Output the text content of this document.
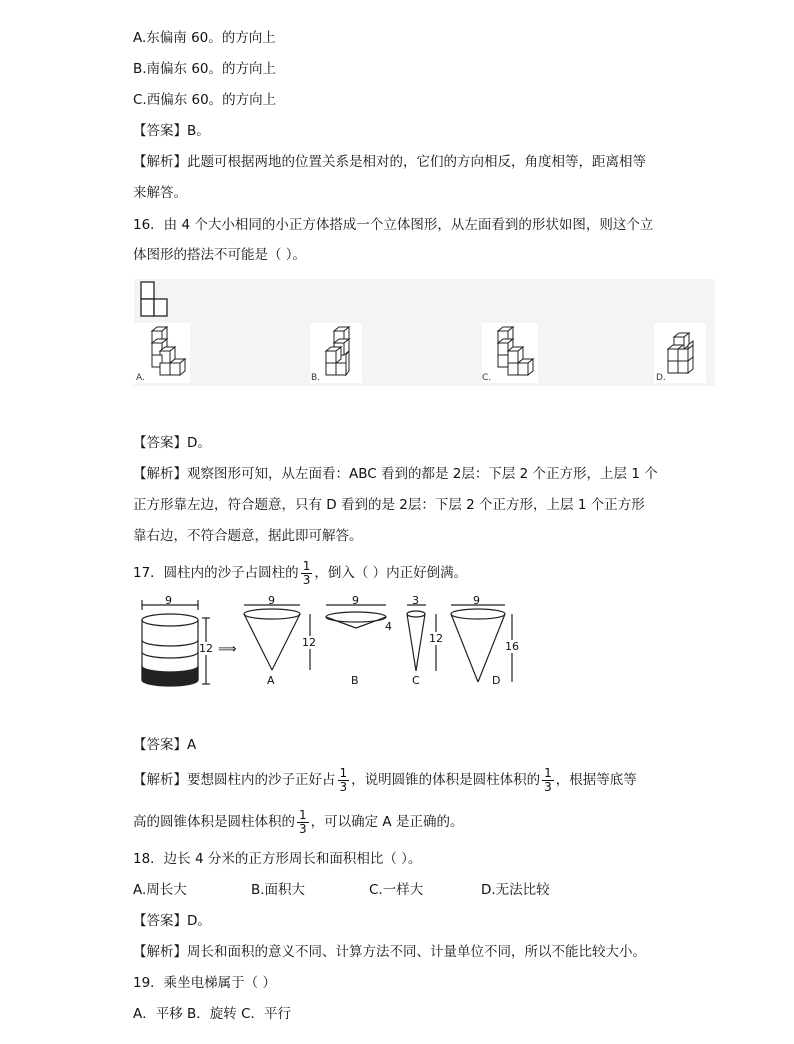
A.东偏南 60。的方向上
B.南偏东 60。的方向上
C.西偏东 60。的方向上
【答案】B。
【解析】此题可根据两地的位置关系是相对的，它们的方向相反，角度相等，距离相等
来解答。
16．由 4 个大小相同的小正方体搭成一个立体图形，从左面看到的形状如图，则这个立
体图形的搭法不可能是（ ）。
A.	B.	C.	D.
【答案】D。
【解析】观察图形可知，从左面看：ABC 看到的都是 2层：下层 2 个正方形，上层 1 个
正方形靠左边，符合题意，只有 D 看到的是 2层：下层 2 个正方形，上层 1 个正方形
靠右边，不符合题意，据此即可解答。
17．圆柱内的沙子占圆柱的 $\frac{1}{3}$ ，倒入（ ）内正好倒满。
9
12 ⟹
9
12
A
9
4
B
3
12
C
9
16
D
【答案】A
【解析】要想圆柱内的沙子正好占 $\frac{1}{3}$ ，说明圆锥的体积是圆柱体积的 $\frac{1}{3}$ ，根据等底等
高的圆锥体积是圆柱体积的 $\frac{1}{3}$ ，可以确定 A 是正确的。
18．边长 4 分米的正方形周长和面积相比（ ）。
A.周长大	B.面积大	C.一样大	D.无法比较
【答案】D。
【解析】周长和面积的意义不同、计算方法不同、计量单位不同，所以不能比较大小。
19．乘坐电梯属于（ ）
A．平移 B．旋转 C．平行
